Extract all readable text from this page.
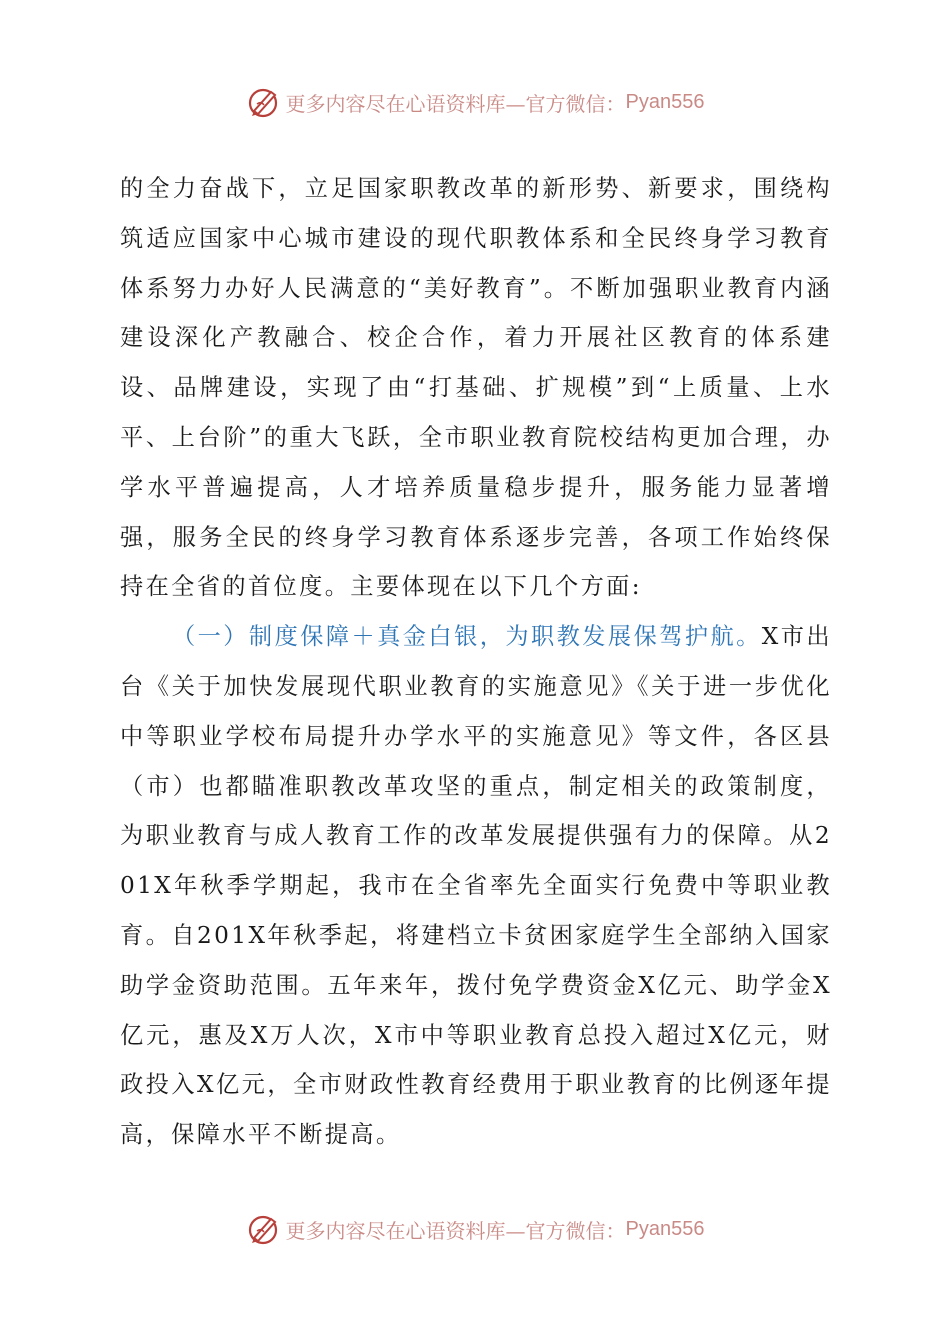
更多内容尽在心语资料库—官方微信： Pyan556

的全力奋战下，立足国家职教改革的新形势、新要求，围绕构筑适应国家中心城市建设的现代职教体系和全民终身学习教育体系努力办好人民满意的“美好教育”。不断加强职业教育内涵建设深化产教融合、校企合作，着力开展社区教育的体系建设、品牌建设，实现了由“打基础、扩规模”到“上质量、上水平、上台阶”的重大飞跃，全市职业教育院校结构更加合理，办学水平普遍提高，人才培养质量稳步提升，服务能力显著增强，服务全民的终身学习教育体系逐步完善，各项工作始终保持在全省的首位度。主要体现在以下几个方面:

（一）制度保障＋真金白银，为职教发展保驾护航。X市出台《关于加快发展现代职业教育的实施意见》《关于进一步优化中等职业学校布局提升办学水平的实施意见》等文件，各区县（市）也都瞄准职教改革攻坚的重点，制定相关的政策制度，为职业教育与成人教育工作的改革发展提供强有力的保障。从201X年秋季学期起，我市在全省率先全面实行免费中等职业教育。自201X年秋季起，将建档立卡贫困家庭学生全部纳入国家助学金资助范围。五年来年，拨付免学费资金X亿元、助学金X亿元，惠及X万人次，X市中等职业教育总投入超过X亿元，财政投入X亿元，全市财政性教育经费用于职业教育的比例逐年提高，保障水平不断提高。

更多内容尽在心语资料库—官方微信： Pyan556
